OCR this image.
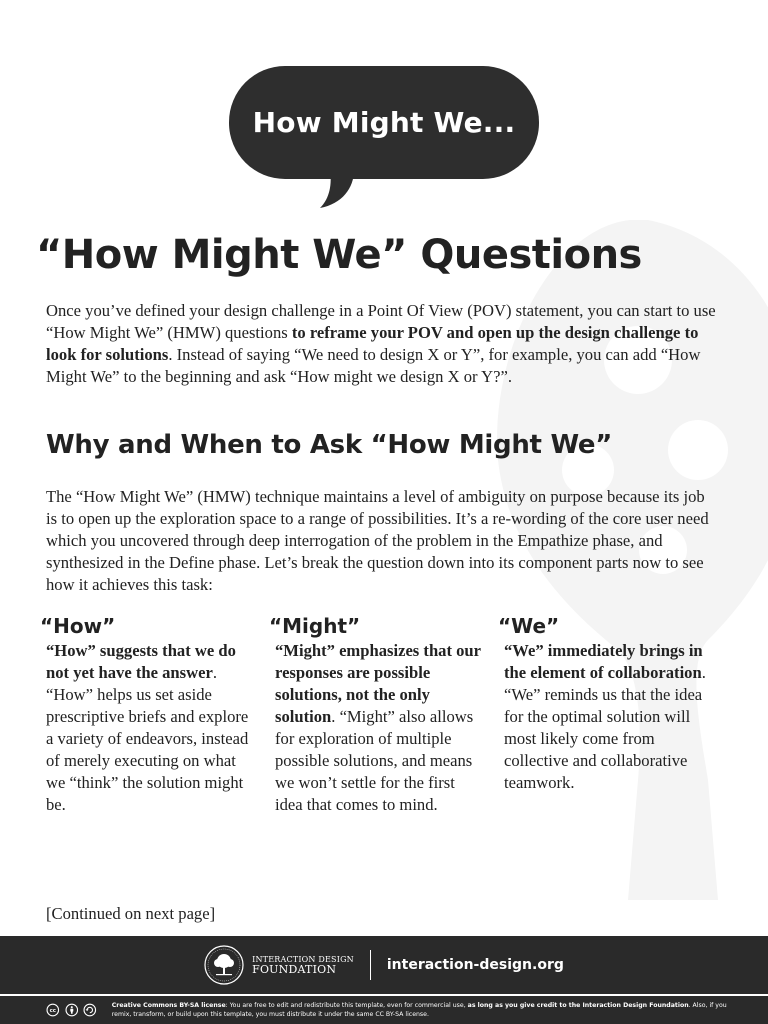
How Might We...
“How Might We” Questions

Once you’ve defined your design challenge in a Point Of View (POV) statement, you can start to use “How Might We” (HMW) questions to reframe your POV and open up the design challenge to look for solutions. Instead of saying “We need to design X or Y”, for example, you can add “How Might We” to the beginning and ask “How might we design X or Y?”.

Why and When to Ask “How Might We”

The “How Might We” (HMW) technique maintains a level of ambiguity on purpose because its job is to open up the exploration space to a range of possibilities. It’s a re-wording of the core user need which you uncovered through deep interrogation of the problem in the Empathize phase, and synthesized in the Define phase. Let’s break the question down into its component parts now to see how it achieves this task:

“How”

“How” suggests that we do not yet have the answer. “How” helps us set aside prescriptive briefs and explore a variety of endeavors, instead of merely executing on what we “think” the solution might be.

“Might”

“Might” emphasizes that our responses are possible solutions, not the only solution. “Might” also allows for exploration of multiple possible solutions, and means we won’t settle for the first idea that comes to mind.

“We”

“We” immediately brings in the element of collaboration. “We” reminds us that the idea for the optimal solution will most likely come from collective and collaborative teamwork.

[Continued on next page]

INTERACTION DESIGN
FOUNDATION	interaction-design.org
cc
Creative Commons BY-SA license: You are free to edit and redistribute this template, even for commercial use, as long as you give credit to the Interaction Design Foundation. Also, if you remix, transform, or build upon this template, you must distribute it under the same CC BY-SA license.
